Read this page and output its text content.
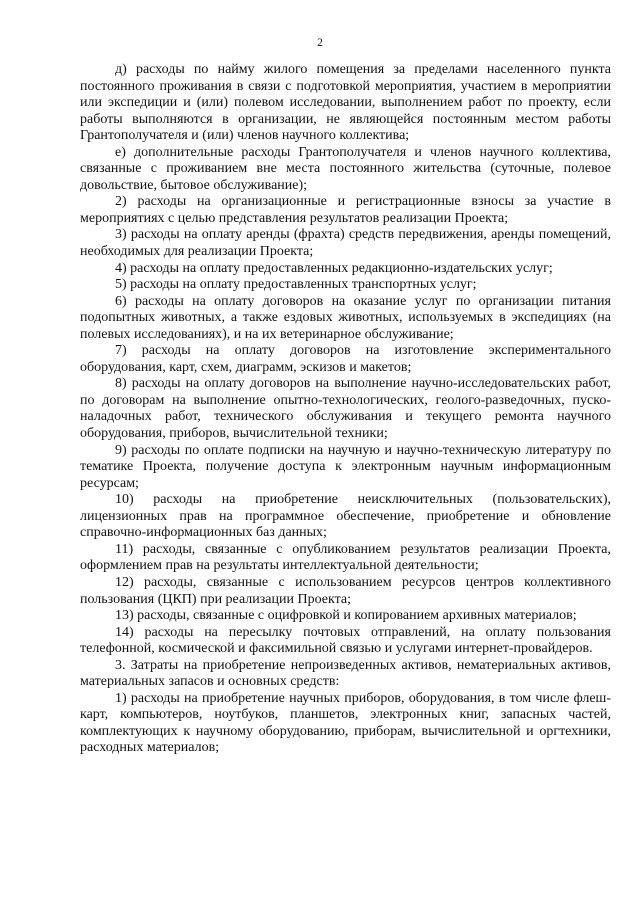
2

д) расходы по найму жилого помещения за пределами населенного пункта постоянного проживания в связи с подготовкой мероприятия, участием в мероприятии или экспедиции и (или) полевом исследовании, выполнением работ по проекту, если работы выполняются в организации, не являющейся постоянным местом работы Грантополучателя и (или) членов научного коллектива;

е) дополнительные расходы Грантополучателя и членов научного коллектива, связанные с проживанием вне места постоянного жительства (суточные, полевое довольствие, бытовое обслуживание);

2) расходы на организационные и регистрационные взносы за участие в мероприятиях с целью представления результатов реализации Проекта;

3) расходы на оплату аренды (фрахта) средств передвижения, аренды помещений, необходимых для реализации Проекта;

4) расходы на оплату предоставленных редакционно-издательских услуг;

5) расходы на оплату предоставленных транспортных услуг;

6) расходы на оплату договоров на оказание услуг по организации питания подопытных животных, а также ездовых животных, используемых в экспедициях (на полевых исследованиях), и на их ветеринарное обслуживание;

7) расходы на оплату договоров на изготовление экспериментального оборудования, карт, схем, диаграмм, эскизов и макетов;

8) расходы на оплату договоров на выполнение научно-исследовательских работ, по договорам на выполнение опытно-технологических, геолого-разведочных, пуско-наладочных работ, технического обслуживания и текущего ремонта научного оборудования, приборов, вычислительной техники;

9) расходы по оплате подписки на научную и научно-техническую литературу по тематике Проекта, получение доступа к электронным научным информационным ресурсам;

10) расходы на приобретение неисключительных (пользовательских), лицензионных прав на программное обеспечение, приобретение и обновление справочно-информационных баз данных;

11) расходы, связанные с опубликованием результатов реализации Проекта, оформлением прав на результаты интеллектуальной деятельности;

12) расходы, связанные с использованием ресурсов центров коллективного пользования (ЦКП) при реализации Проекта;

13) расходы, связанные с оцифровкой и копированием архивных материалов;

14) расходы на пересылку почтовых отправлений, на оплату пользования телефонной, космической и факсимильной связью и услугами интернет-провайдеров.

3. Затраты на приобретение непроизведенных активов, нематериальных активов, материальных запасов и основных средств:

1) расходы на приобретение научных приборов, оборудования, в том числе флеш-карт, компьютеров, ноутбуков, планшетов, электронных книг, запасных частей, комплектующих к научному оборудованию, приборам, вычислительной и оргтехники, расходных материалов;
